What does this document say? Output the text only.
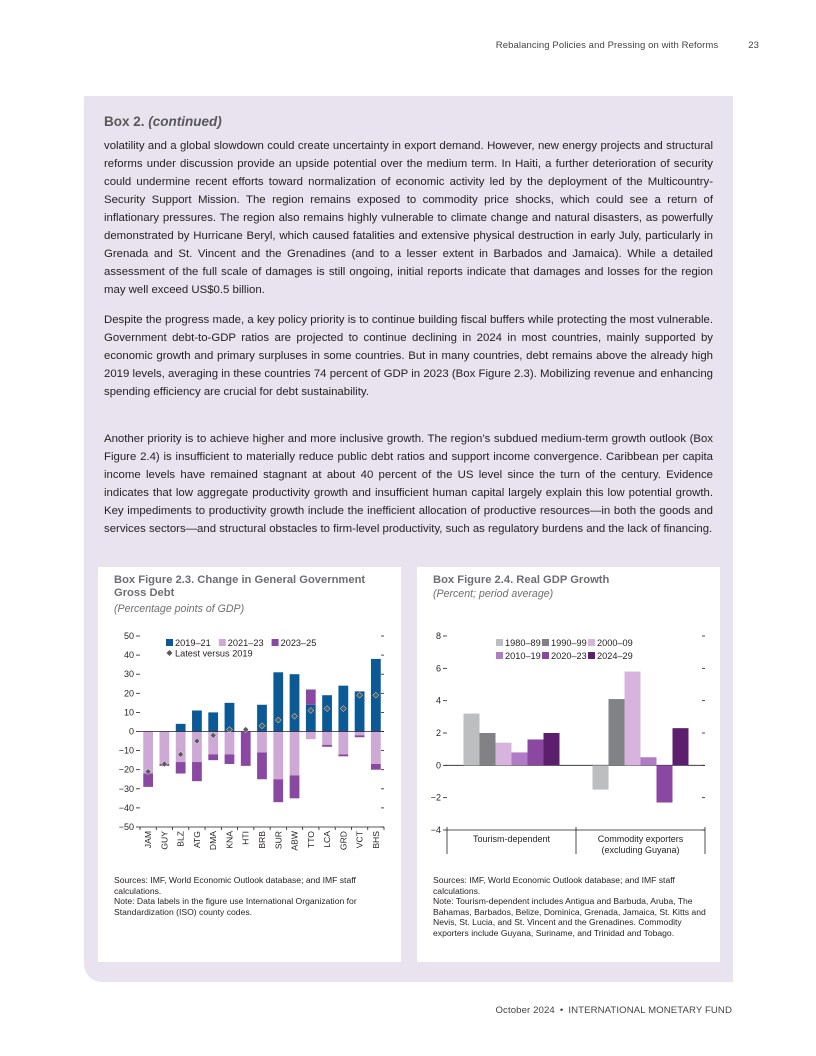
Rebalancing Policies and Pressing on with Reforms	23
Box 2. (continued)

volatility and a global slowdown could create uncertainty in export demand. However, new energy projects and structural reforms under discussion provide an upside potential over the medium term. In Haiti, a further deterioration of security could undermine recent efforts toward normalization of economic activity led by the deployment of the Multicountry-Security Support Mission. The region remains exposed to commodity price shocks, which could see a return of inflationary pressures. The region also remains highly vulnerable to climate change and natural disasters, as powerfully demonstrated by Hurricane Beryl, which caused fatalities and extensive physical destruction in early July, particularly in Grenada and St. Vincent and the Grenadines (and to a lesser extent in Barbados and Jamaica). While a detailed assessment of the full scale of damages is still ongoing, initial reports indicate that damages and losses for the region may well exceed US$0.5 billion.

Despite the progress made, a key policy priority is to continue building fiscal buffers while protecting the most vulnerable. Government debt-to-GDP ratios are projected to continue declining in 2024 in most countries, mainly supported by economic growth and primary surpluses in some countries. But in many countries, debt remains above the already high 2019 levels, averaging in these countries 74 percent of GDP in 2023 (Box Figure 2.3). Mobilizing revenue and enhancing spending efficiency are crucial for debt sustainability.

Another priority is to achieve higher and more inclusive growth. The region’s subdued medium-term growth outlook (Box Figure 2.4) is insufficient to materially reduce public debt ratios and support income convergence. Caribbean per capita income levels have remained stagnant at about 40 percent of the US level since the turn of the century. Evidence indicates that low aggregate productivity growth and insufficient human capital largely explain this low potential growth. Key impediments to productivity growth include the inefficient allocation of productive resources—in both the goods and services sectors—and structural obstacles to firm-level productivity, such as regulatory burdens and the lack of financing.

Box Figure 2.3. Change in General Government Gross Debt
(Percentage points of GDP)
50
40
30
20
10
0
−10
−20
−30
−40
−50
JAM GUY BLZ ATG DMA KNA HTI BRB SUR ABW TTO LCA GRD VCT BHS
2019–21 2021–23 2023–25
Latest versus 2019
Sources: IMF, World Economic Outlook database; and IMF staff calculations.
Note: Data labels in the figure use International Organization for Standardization (ISO) county codes.
Box Figure 2.4. Real GDP Growth
(Percent; period average)
8
6
4
2
0
−2
−4
Tourism-dependent	Commodity exporters
(excluding Guyana)
1980–89 1990–99 2000–09
2010–19 2020–23 2024–29
Sources: IMF, World Economic Outlook database; and IMF staff calculations.
Note: Tourism-dependent includes Antigua and Barbuda, Aruba, The Bahamas, Barbados, Belize, Dominica, Grenada, Jamaica, St. Kitts and Nevis, St. Lucia, and St. Vincent and the Grenadines. Commodity exporters include Guyana, Suriname, and Trinidad and Tobago.
October 2024 • INTERNATIONAL MONETARY FUND
